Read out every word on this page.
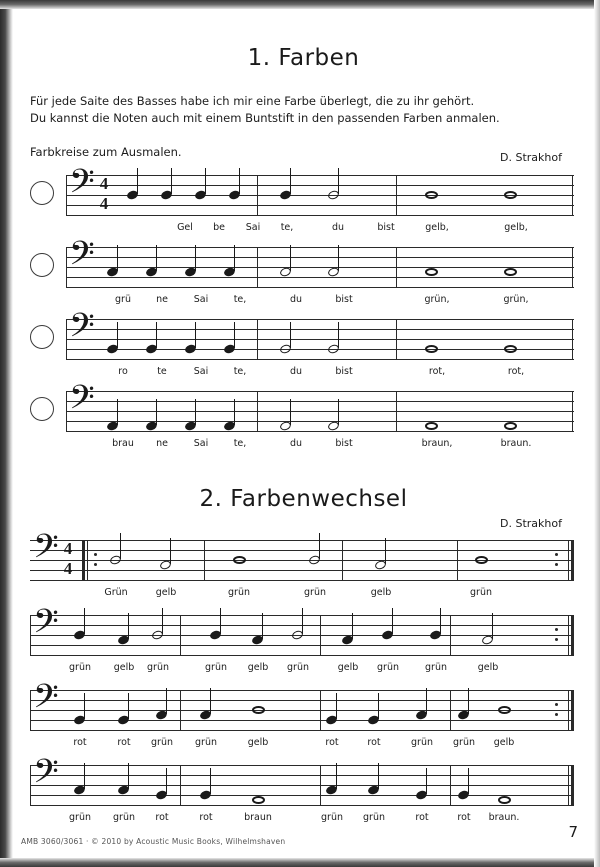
1. Farben
Für jede Saite des Basses habe ich mir eine Farbe überlegt, die zu ihr gehört.
Du kannst die Noten auch mit einem Buntstift in den passenden Farben anmalen.
Farbkreise zum Ausmalen.	D. Strakhof
𝄢 4
4
Gel be Sai te,	du	bist	gelb,	gelb,
𝄢
grü	ne	Sai	te,	du	bist	grün,	grün,
𝄢
ro	te	Sai	te,	du	bist	rot,	rot,
𝄢
brau ne	Sai	te,	du	bist	braun,	braun.
2. Farbenwechsel
D. Strakhof
𝄢 4
4
Grün	gelb	grün	grün	gelb	grün
𝄢
grün gelb grün	grün gelb grün	gelb grün	grün	gelb
𝄢
rot	rot grün grün	gelb	rot	rot	grün grün gelb
𝄢
grün grün rot	rot	braun	grün grün	rot	rot braun.
AMB 3060/3061 · © 2010 by Acoustic Music Books, Wilhelmshaven
7
